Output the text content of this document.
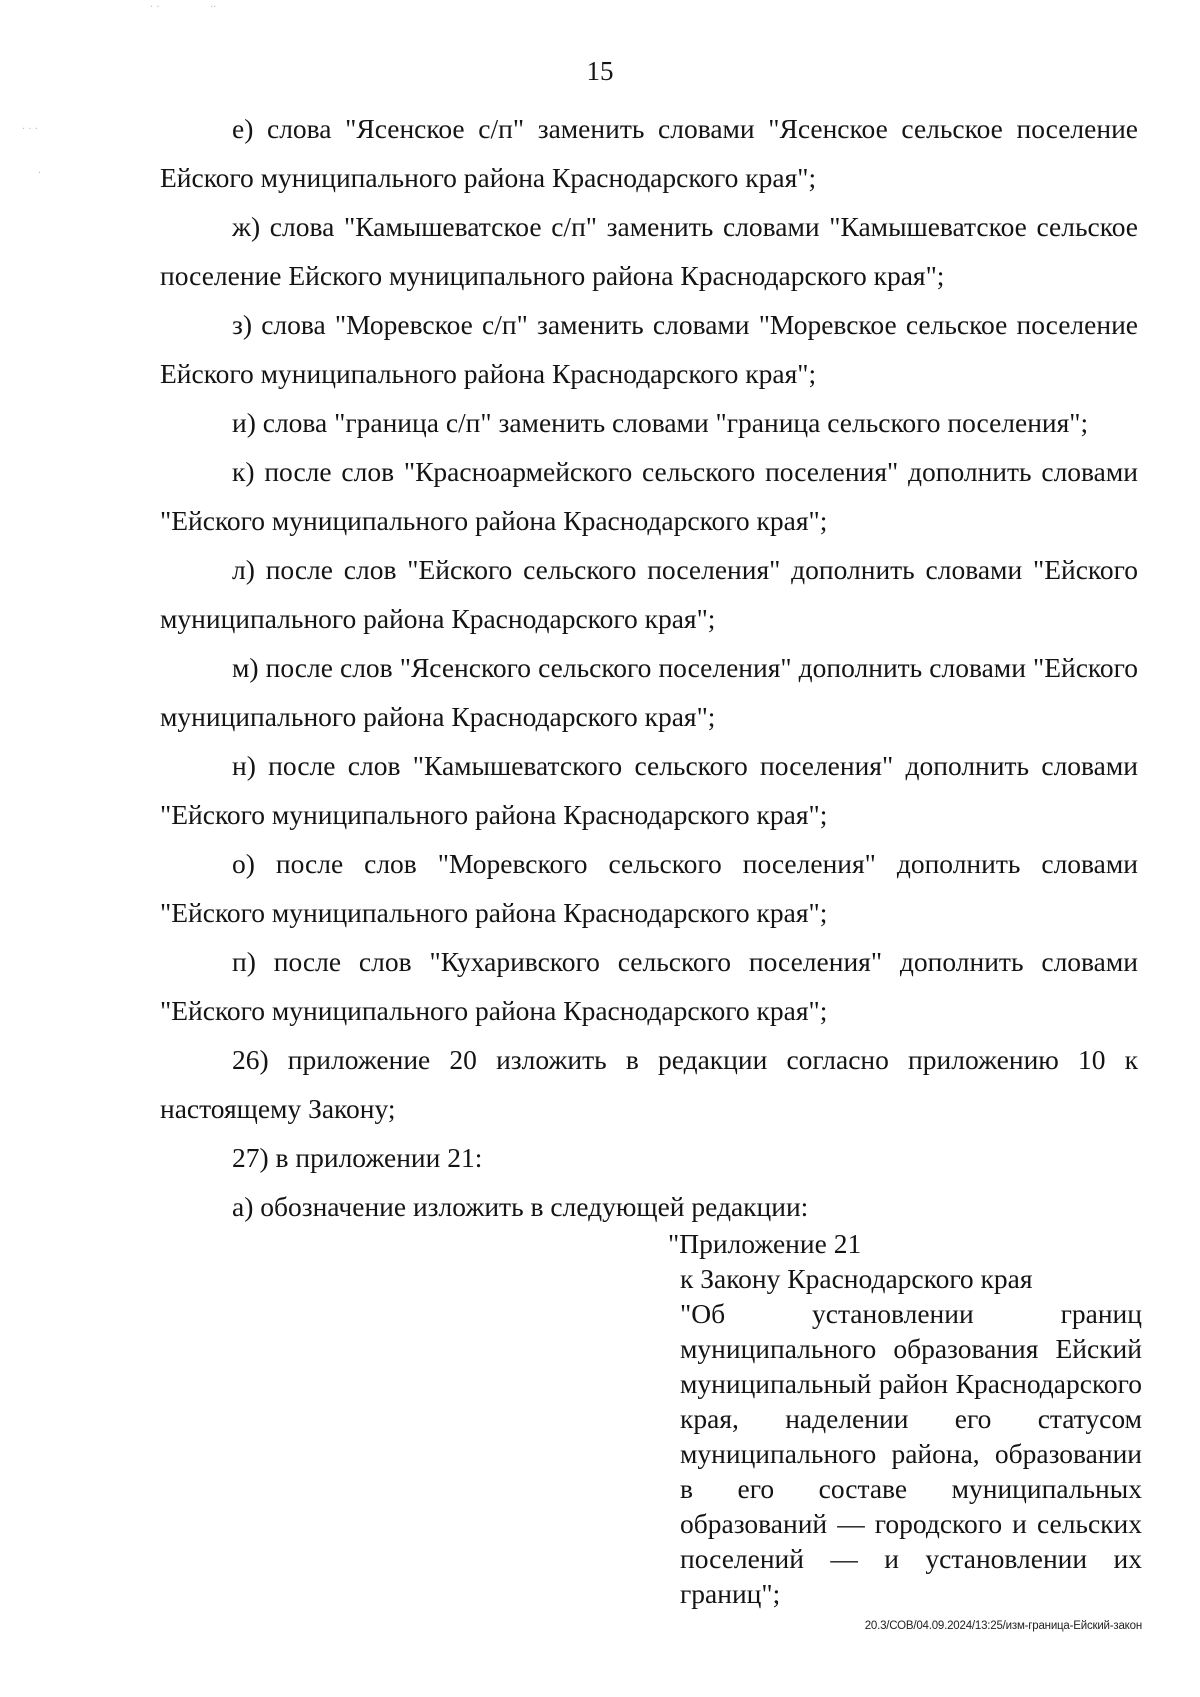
15

е) слова "Ясенское с/п" заменить словами "Ясенское сельское поселение Ейского муниципального района Краснодарского края";

ж) слова "Камышеватское с/п" заменить словами "Камышеватское сельское поселение Ейского муниципального района Краснодарского края";

з) слова "Моревское с/п" заменить словами "Моревское сельское поселение Ейского муниципального района Краснодарского края";

и) слова "граница с/п" заменить словами "граница сельского поселения";

к) после слов "Красноармейского сельского поселения" дополнить словами "Ейского муниципального района Краснодарского края";

л) после слов "Ейского сельского поселения" дополнить словами "Ейского муниципального района Краснодарского края";

м) после слов "Ясенского сельского поселения" дополнить словами "Ейского муниципального района Краснодарского края";

н) после слов "Камышеватского сельского поселения" дополнить словами "Ейского муниципального района Краснодарского края";

о) после слов "Моревского сельского поселения" дополнить словами "Ейского муниципального района Краснодарского края";

п) после слов "Кухаривского сельского поселения" дополнить словами "Ейского муниципального района Краснодарского края";

26) приложение 20 изложить в редакции согласно приложению 10 к настоящему Закону;

27) в приложении 21:

а) обозначение изложить в следующей редакции:

"Приложение 21
к Закону Краснодарского края
"Об установлении границ муниципального образования Ейский муниципальный район Краснодарского края, наделении его статусом муниципального района, образовании в его составе муниципальных образований — городского и сельских поселений — и установлении их границ";
20.3/СОВ/04.09.2024/13:25/изм-граница-Ейский-закон
· ·	··
· · ·
·
